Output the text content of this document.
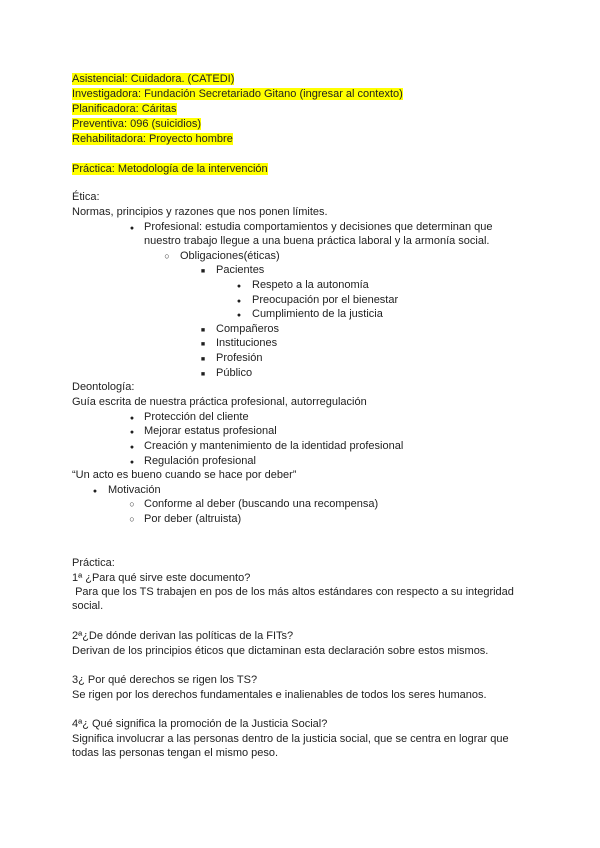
Asistencial: Cuidadora. (CATEDI)
Investigadora: Fundación Secretariado Gitano (ingresar al contexto)
Planificadora: Cáritas
Preventiva: 096 (suicidios)
Rehabilitadora: Proyecto hombre
Práctica: Metodología de la intervención
Ética:
Normas, principios y razones que nos ponen límites.
●
Profesional: estudia comportamientos y decisiones que determinan que
nuestro trabajo llegue a una buena práctica laboral y la armonía social.
○
Obligaciones(éticas)
■
Pacientes
●
Respeto a la autonomía
●
Preocupación por el bienestar
●
Cumplimiento de la justicia
■
Compañeros
■
Instituciones
■
Profesión
■
Público
Deontología:
Guía escrita de nuestra práctica profesional, autorregulación
●
Protección del cliente
●
Mejorar estatus profesional
●
Creación y mantenimiento de la identidad profesional
●
Regulación profesional
“Un acto es bueno cuando se hace por deber”
●
Motivación
○
Conforme al deber (buscando una recompensa)
○
Por deber (altruista)
Práctica:
1ª ¿Para qué sirve este documento?
Para que los TS trabajen en pos de los más altos estándares con respecto a su integridad social.
2ª¿De dónde derivan las políticas de la FITs?
Derivan de los principios éticos que dictaminan esta declaración sobre estos mismos.
3¿ Por qué derechos se rigen los TS?
Se rigen por los derechos fundamentales e inalienables de todos los seres humanos.
4ª¿ Qué significa la promoción de la Justicia Social?
Significa involucrar a las personas dentro de la justicia social, que se centra en lograr que todas las personas tengan el mismo peso.
